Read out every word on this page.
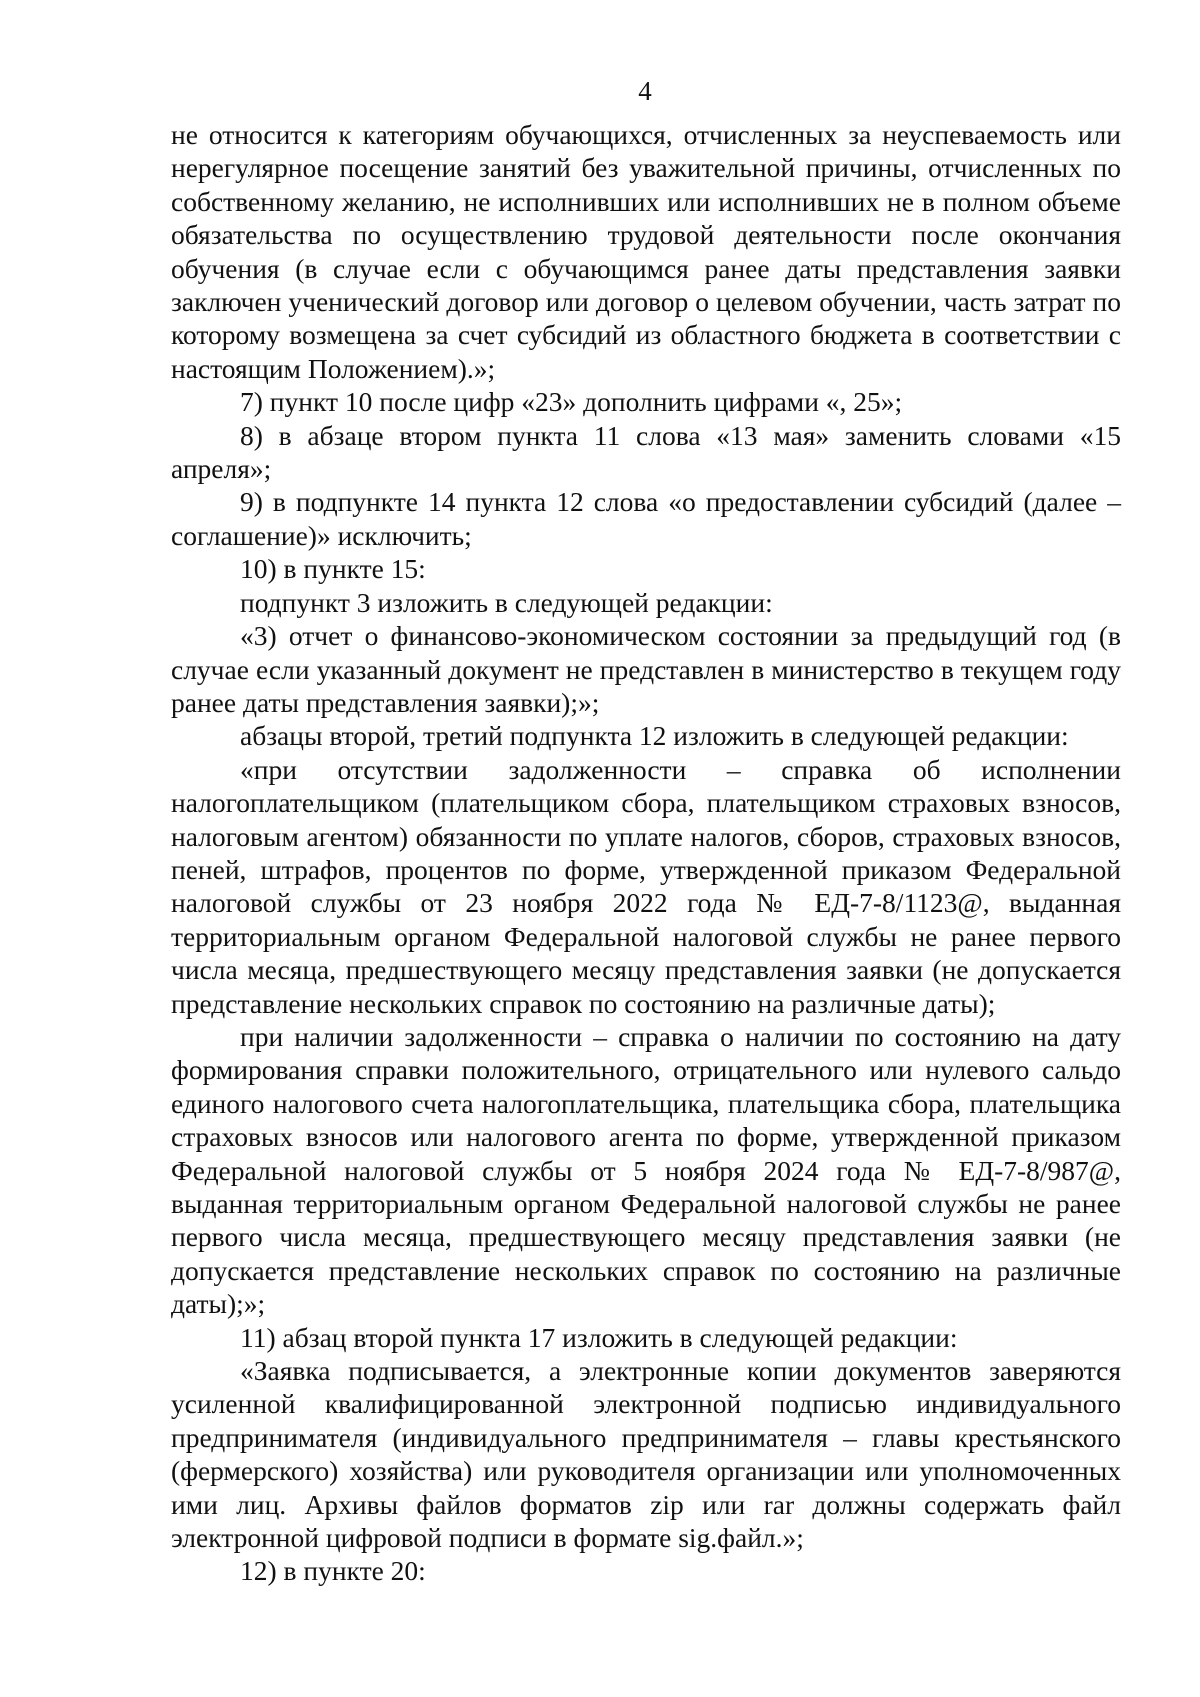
4

не относится к категориям обучающихся, отчисленных за неуспеваемость или нерегулярное посещение занятий без уважительной причины, отчисленных по собственному желанию, не исполнивших или исполнивших не в полном объеме обязательства по осуществлению трудовой деятельности после окончания обучения (в случае если с обучающимся ранее даты представления заявки заключен ученический договор или договор о целевом обучении, часть затрат по которому возмещена за счет субсидий из областного бюджета в соответствии с настоящим Положением).»;

7) пункт 10 после цифр «23» дополнить цифрами «, 25»;

8) в абзаце втором пункта 11 слова «13 мая» заменить словами «15 апреля»;

9) в подпункте 14 пункта 12 слова «о предоставлении субсидий (далее – соглашение)» исключить;

10) в пункте 15:

подпункт 3 изложить в следующей редакции:

«3) отчет о финансово-экономическом состоянии за предыдущий год (в случае если указанный документ не представлен в министерство в текущем году ранее даты представления заявки);»;

абзацы второй, третий подпункта 12 изложить в следующей редакции:

«при отсутствии задолженности – справка об исполнении налогоплательщиком (плательщиком сбора, плательщиком страховых взносов, налоговым агентом) обязанности по уплате налогов, сборов, страховых взносов, пеней, штрафов, процентов по форме, утвержденной приказом Федеральной налоговой службы от 23 ноября 2022 года № ЕД-7-8/1123@, выданная территориальным органом Федеральной налоговой службы не ранее первого числа месяца, предшествующего месяцу представления заявки (не допускается представление нескольких справок по состоянию на различные даты);

при наличии задолженности – справка о наличии по состоянию на дату формирования справки положительного, отрицательного или нулевого сальдо единого налогового счета налогоплательщика, плательщика сбора, плательщика страховых взносов или налогового агента по форме, утвержденной приказом Федеральной налоговой службы от 5 ноября 2024 года № ЕД-7-8/987@, выданная территориальным органом Федеральной налоговой службы не ранее первого числа месяца, предшествующего месяцу представления заявки (не допускается представление нескольких справок по состоянию на различные даты);»;

11) абзац второй пункта 17 изложить в следующей редакции:

«Заявка подписывается, а электронные копии документов заверяются усиленной квалифицированной электронной подписью индивидуального предпринимателя (индивидуального предпринимателя – главы крестьянского (фермерского) хозяйства) или руководителя организации или уполномоченных ими лиц. Архивы файлов форматов zip или rar должны содержать файл электронной цифровой подписи в формате sig.файл.»;

12) в пункте 20:
